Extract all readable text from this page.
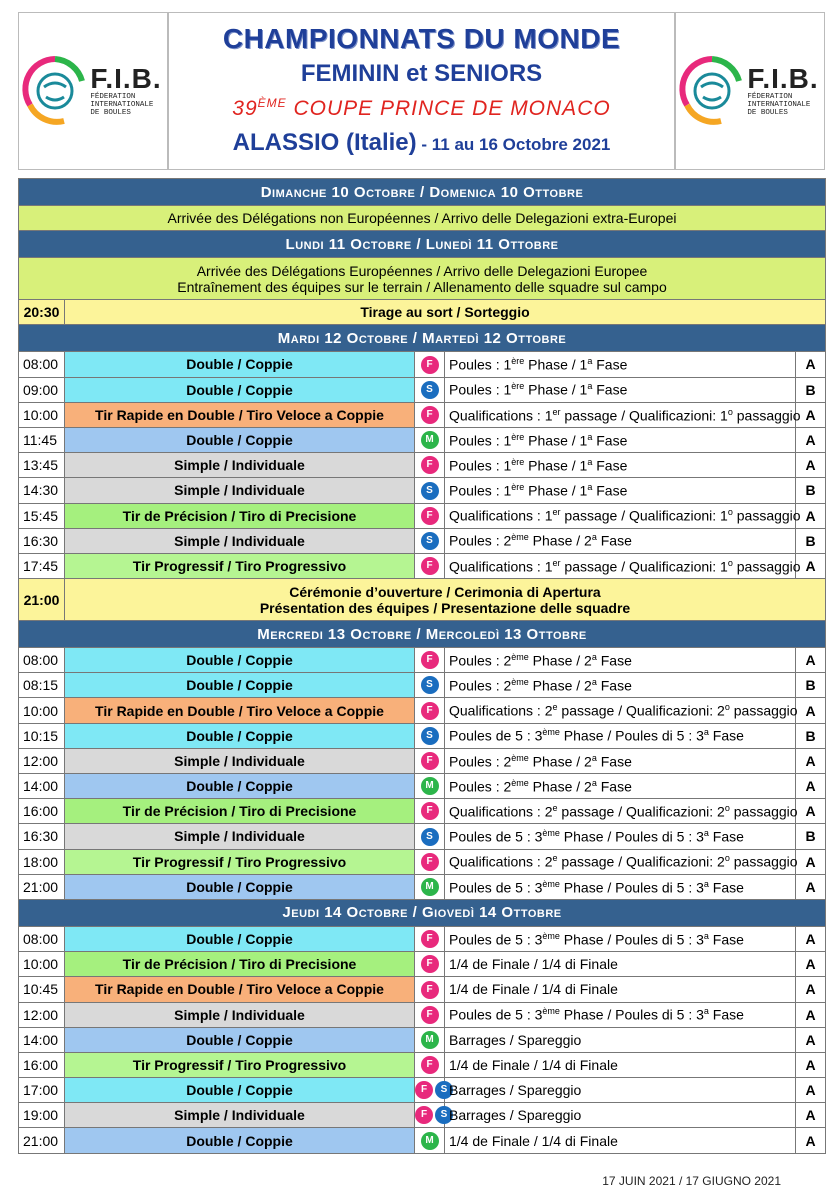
F.I.B.
FÉDERATION
INTERNATIONALE
DE BOULES
CHAMPIONNATS DU MONDE
FEMININ et SENIORS
39ÈME COUPE PRINCE DE MONACO
ALASSIO (Italie) - 11 au 16 Octobre 2021
F.I.B.
FÉDERATION
INTERNATIONALE
DE BOULES
Dimanche 10 Octobre / Domenica 10 Ottobre				
Arrivée des Délégations non Européennes / Arrivo delle Delegazioni extra-Europei				
Lundi 11 Octobre / Lunedì 11 Ottobre				

Arrivée des Délégations Européennes / Arrivo delle Delegazioni Europee
Entraînement des équipes sur le terrain / Allenamento delle squadre sul campo				

20:30	Tirage au sort / Sorteggio			
Mardi 12 Octobre / Martedì 12 Ottobre				
08:00	Double / Coppie	F	Poules : 1ère Phase / 1$^a$ Fase	A
09:00	Double / Coppie	S	Poules : 1ère Phase / 1$^a$ Fase	B
10:00	Tir Rapide en Double / Tiro Veloce a Coppie	F	Qualifications : 1er passage / Qualificazioni: 1$^o$ passaggio	A
11:45	Double / Coppie	M	Poules : 1ère Phase / 1$^a$ Fase	A
13:45	Simple / Individuale	F	Poules : 1ère Phase / 1$^a$ Fase	A
14:30	Simple / Individuale	S	Poules : 1ère Phase / 1$^a$ Fase	B
15:45	Tir de Précision / Tiro di Precisione	F	Qualifications : 1er passage / Qualificazioni: 1$^o$ passaggio	A
16:30	Simple / Individuale	S	Poules : 2ème Phase / 2$^a$ Fase	B
17:45	Tir Progressif / Tiro Progressivo	F	Qualifications : 1er passage / Qualificazioni: 1$^o$ passaggio	A
21:00	Cérémonie d’ouverture / Cerimonia di Apertura
Présentation des équipes / Presentazione delle squadre			

Mercredi 13 Octobre / Mercoledì 13 Ottobre				
08:00	Double / Coppie	F	Poules : 2ème Phase / 2$^a$ Fase	A
08:15	Double / Coppie	S	Poules : 2ème Phase / 2$^a$ Fase	B
10:00	Tir Rapide en Double / Tiro Veloce a Coppie	F	Qualifications : 2e passage / Qualificazioni: 2$^o$ passaggio	A
10:15	Double / Coppie	S	Poules de 5 : 3ème Phase / Poules di 5 : 3$^a$ Fase	B
12:00	Simple / Individuale	F	Poules : 2ème Phase / 2$^a$ Fase	A
14:00	Double / Coppie	M	Poules : 2ème Phase / 2$^a$ Fase	A
16:00	Tir de Précision / Tiro di Precisione	F	Qualifications : 2e passage / Qualificazioni: 2$^o$ passaggio	A
16:30	Simple / Individuale	S	Poules de 5 : 3ème Phase / Poules di 5 : 3$^a$ Fase	B
18:00	Tir Progressif / Tiro Progressivo	F	Qualifications : 2e passage / Qualificazioni: 2$^o$ passaggio	A
21:00	Double / Coppie	M	Poules de 5 : 3ème Phase / Poules di 5 : 3$^a$ Fase	A
Jeudi 14 Octobre / Giovedì 14 Ottobre				
08:00	Double / Coppie	F	Poules de 5 : 3ème Phase / Poules di 5 : 3$^a$ Fase	A
10:00	Tir de Précision / Tiro di Precisione	F	1/4 de Finale / 1/4 di Finale	A
10:45	Tir Rapide en Double / Tiro Veloce a Coppie	F	1/4 de Finale / 1/4 di Finale	A
12:00	Simple / Individuale	F	Poules de 5 : 3ème Phase / Poules di 5 : 3$^a$ Fase	A
14:00	Double / Coppie	M	Barrages / Spareggio	A
16:00	Tir Progressif / Tiro Progressivo	F	1/4 de Finale / 1/4 di Finale	A
17:00	Double / Coppie	F S	Barrages / Spareggio	A
19:00	Simple / Individuale	F S	Barrages / Spareggio	A
21:00	Double / Coppie	M	1/4 de Finale / 1/4 di Finale	A
17 JUIN 2021 / 17 GIUGNO 2021
